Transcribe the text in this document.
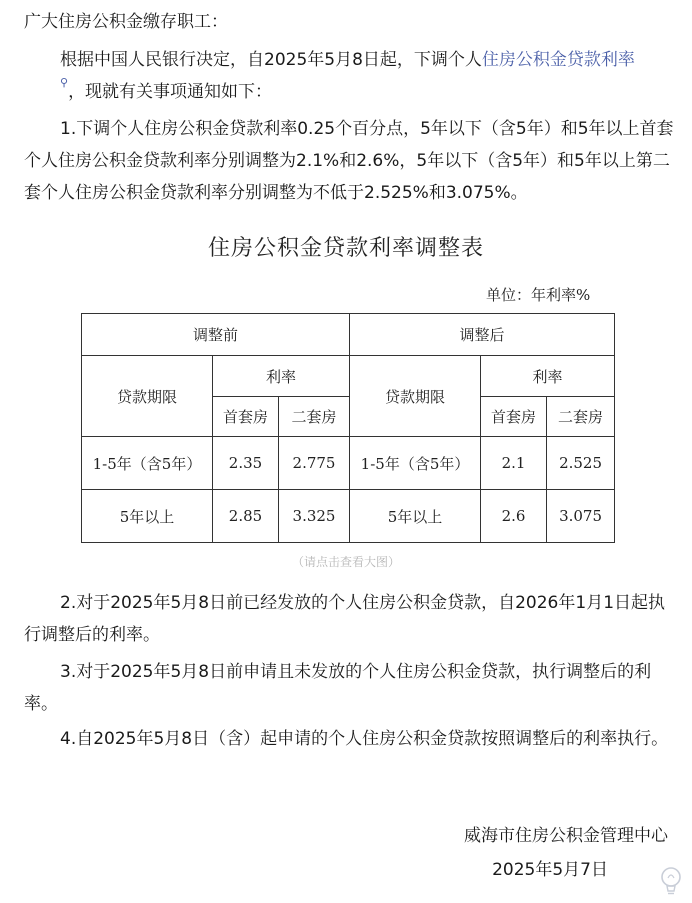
广大住房公积金缴存职工：

根据中国人民银行决定，自2025年5月8日起，下调个人住房公积金贷款利率⚲，现就有关事项通知如下：

1.下调个人住房公积金贷款利率0.25个百分点，5年以下（含5年）和5年以上首套个人住房公积金贷款利率分别调整为2.1%和2.6%，5年以下（含5年）和5年以上第二套个人住房公积金贷款利率分别调整为不低于2.525%和3.075%。

住房公积金贷款利率调整表
单位：年利率%
调整前			调整后		
贷款期限	利率		贷款期限	利率	
	首套房	二套房		首套房	二套房
1-5年（含5年）	2.35	2.775	1-5年（含5年）	2.1	2.525
5年以上	2.85	3.325	5年以上	2.6	3.075
（请点击查看大图）

2.对于2025年5月8日前已经发放的个人住房公积金贷款，自2026年1月1日起执行调整后的利率。

3.对于2025年5月8日前申请且未发放的个人住房公积金贷款，执行调整后的利率。

4.自2025年5月8日（含）起申请的个人住房公积金贷款按照调整后的利率执行。

威海市住房公积金管理中心
2025年5月7日
